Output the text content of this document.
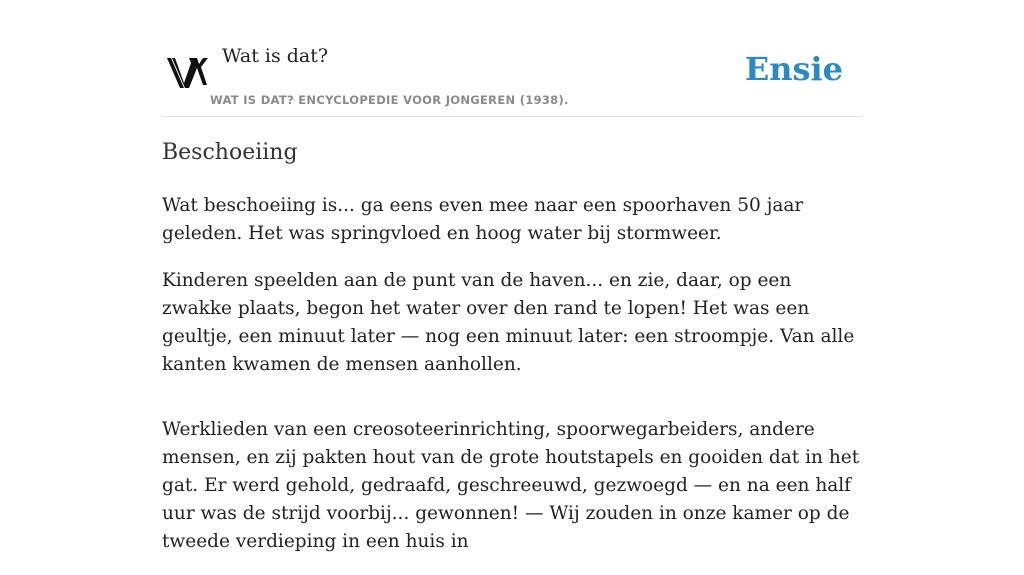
Wat is dat?
WAT IS DAT? ENCYCLOPEDIE VOOR JONGEREN (1938).
Ensie
Beschoeiing

Wat beschoeiing is... ga eens even mee naar een spoorhaven 50 jaar geleden. Het was springvloed en hoog water bij stormweer.

Kinderen speelden aan de punt van de haven... en zie, daar, op een zwakke plaats, begon het water over den rand te lopen! Het was een geultje, een minuut later — nog een minuut later: een stroompje. Van alle kanten kwamen de mensen aanhollen.

Werklieden van een creosoteerinrichting, spoorwegarbeiders, andere mensen, en zij pakten hout van de grote houtstapels en gooiden dat in het gat. Er werd gehold, gedraafd, geschreeuwd, gezwoegd — en na een half uur was de strijd voorbij... gewonnen! — Wij zouden in onze kamer op de tweede verdieping in een huis in
